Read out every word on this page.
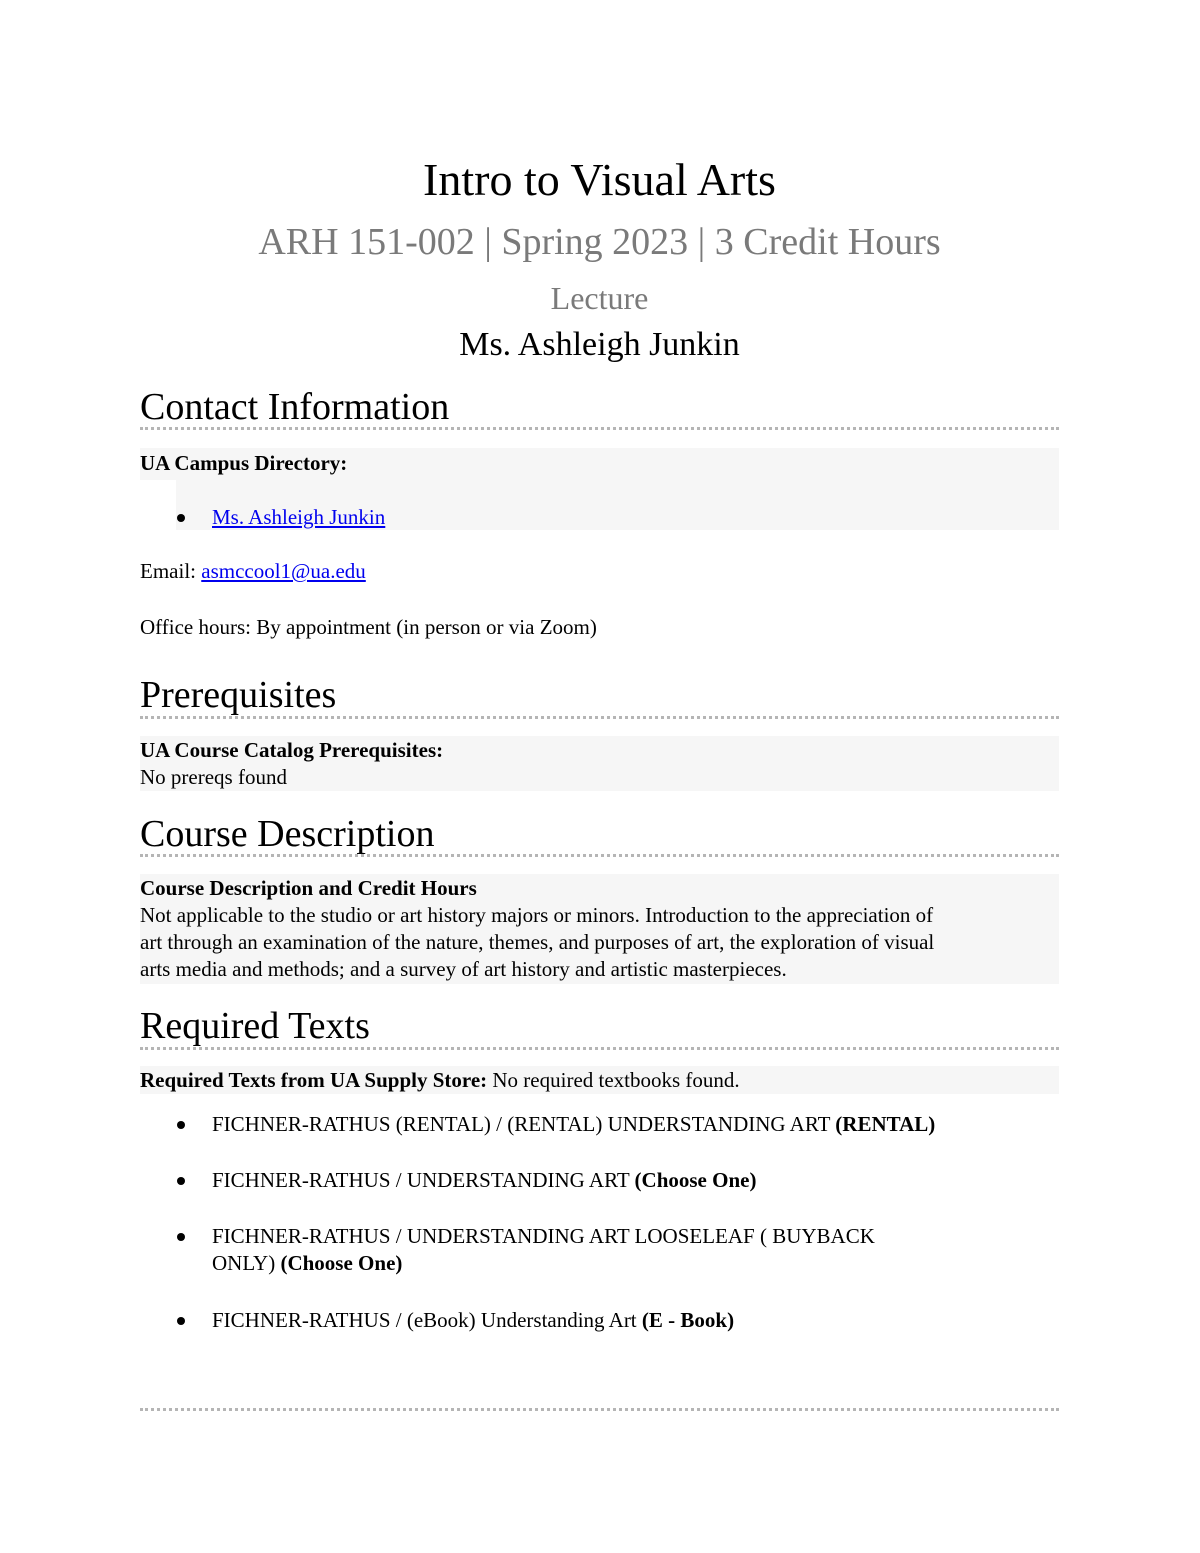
Intro to Visual Arts
ARH 151-002 | Spring 2023 | 3 Credit Hours
Lecture
Ms. Ashleigh Junkin
Contact Information
UA Campus Directory:
Ms. Ashleigh Junkin
Email: asmccool1@ua.edu
Office hours: By appointment (in person or via Zoom)
Prerequisites
UA Course Catalog Prerequisites:
No prereqs found
Course Description
Course Description and Credit Hours
Not applicable to the studio or art history majors or minors. Introduction to the appreciation of
art through an examination of the nature, themes, and purposes of art, the exploration of visual
arts media and methods; and a survey of art history and artistic masterpieces.
Required Texts
Required Texts from UA Supply Store: No required textbooks found.
FICHNER-RATHUS (RENTAL) / (RENTAL) UNDERSTANDING ART (RENTAL)
FICHNER-RATHUS / UNDERSTANDING ART (Choose One)
FICHNER-RATHUS / UNDERSTANDING ART LOOSELEAF ( BUYBACK
ONLY) (Choose One)
FICHNER-RATHUS / (eBook) Understanding Art (E - Book)
